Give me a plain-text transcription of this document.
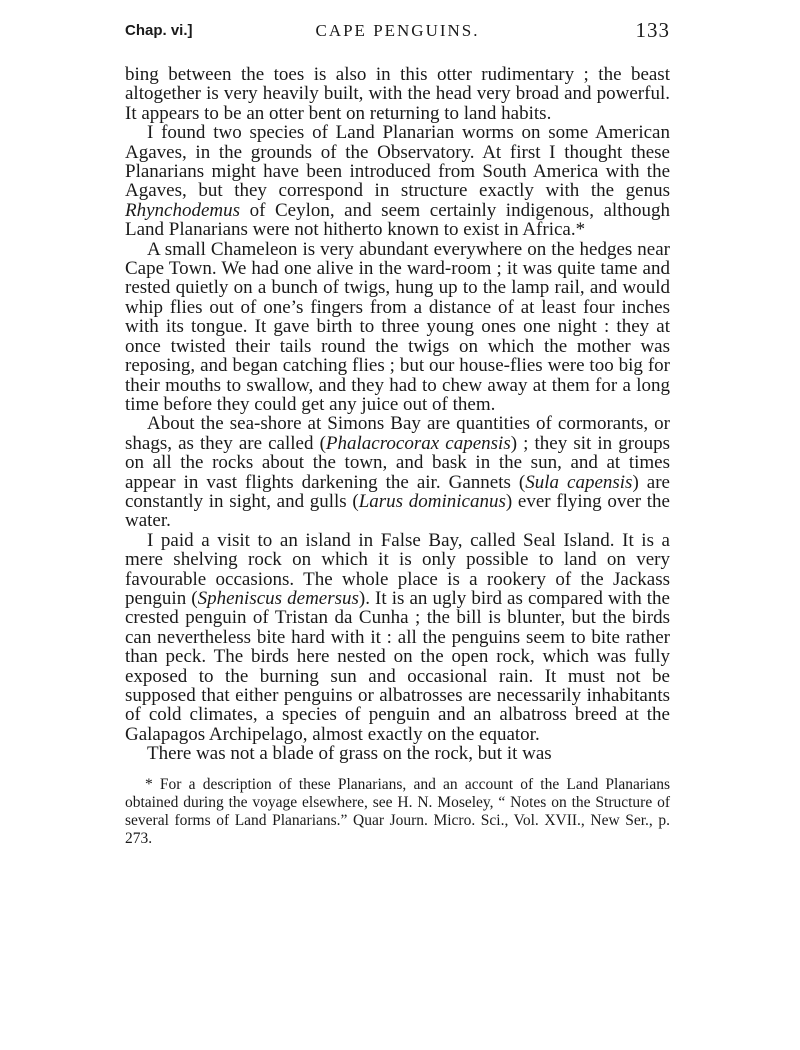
Chap. vi.]	CAPE PENGUINS.	133

bing between the toes is also in this otter rudimentary ; the beast altogether is very heavily built, with the head very broad and powerful. It appears to be an otter bent on returning to land habits.

I found two species of Land Planarian worms on some American Agaves, in the grounds of the Observatory. At first I thought these Planarians might have been introduced from South America with the Agaves, but they correspond in structure exactly with the genus Rhynchodemus of Ceylon, and seem certainly indigenous, although Land Planarians were not hitherto known to exist in Africa.*

A small Chameleon is very abundant everywhere on the hedges near Cape Town. We had one alive in the ward-room ; it was quite tame and rested quietly on a bunch of twigs, hung up to the lamp rail, and would whip flies out of one’s fingers from a distance of at least four inches with its tongue. It gave birth to three young ones one night : they at once twisted their tails round the twigs on which the mother was reposing, and began catching flies ; but our house-flies were too big for their mouths to swallow, and they had to chew away at them for a long time before they could get any juice out of them.

About the sea-shore at Simons Bay are quantities of cormorants, or shags, as they are called (Phalacrocorax capensis) ; they sit in groups on all the rocks about the town, and bask in the sun, and at times appear in vast flights darkening the air. Gannets (Sula capensis) are constantly in sight, and gulls (Larus dominicanus) ever flying over the water.

I paid a visit to an island in False Bay, called Seal Island. It is a mere shelving rock on which it is only possible to land on very favourable occasions. The whole place is a rookery of the Jackass penguin (Spheniscus demersus). It is an ugly bird as compared with the crested penguin of Tristan da Cunha ; the bill is blunter, but the birds can nevertheless bite hard with it : all the penguins seem to bite rather than peck. The birds here nested on the open rock, which was fully exposed to the burning sun and occasional rain. It must not be supposed that either penguins or albatrosses are necessarily inhabitants of cold climates, a species of penguin and an albatross breed at the Galapagos Archipelago, almost exactly on the equator.

There was not a blade of grass on the rock, but it was

* For a description of these Planarians, and an account of the Land Planarians obtained during the voyage elsewhere, see H. N. Moseley, “ Notes on the Structure of several forms of Land Planarians.” Quar Journ. Micro. Sci., Vol. XVII., New Ser., p. 273.
